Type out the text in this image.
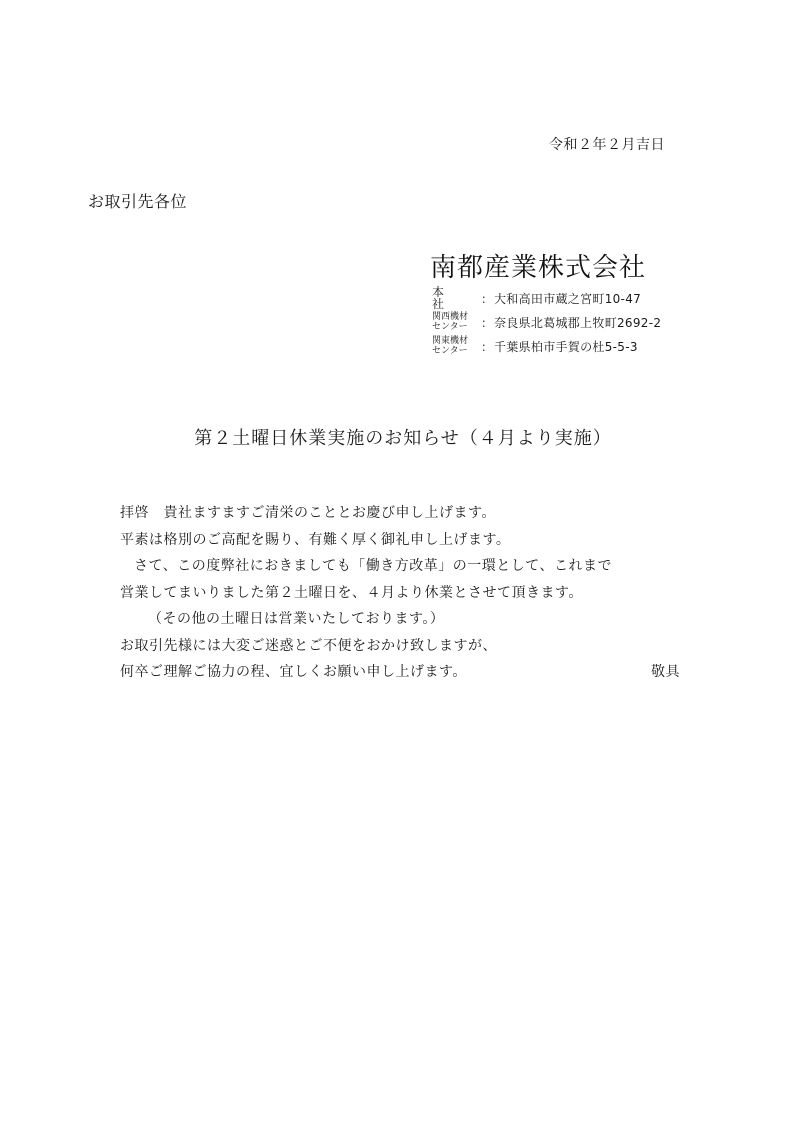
令和２年２月吉日
お取引先各位
南都産業株式会社
本　社	： 大和高田市蔵之宮町10-47
関西機材
センター	： 奈良県北葛城郡上牧町2692-2
関東機材
センター	： 千葉県柏市手賀の杜5-5-3
第２土曜日休業実施のお知らせ（４月より実施）
拝啓　貴社ますますご清栄のこととお慶び申し上げます。
平素は格別のご高配を賜り、有難く厚く御礼申し上げます。
さて、この度弊社におきましても「働き方改革」の一環として、これまで
営業してまいりました第２土曜日を、４月より休業とさせて頂きます。
（その他の土曜日は営業いたしております。）
お取引先様には大変ご迷惑とご不便をおかけ致しますが、
何卒ご理解ご協力の程、宜しくお願い申し上げます。	敬具
